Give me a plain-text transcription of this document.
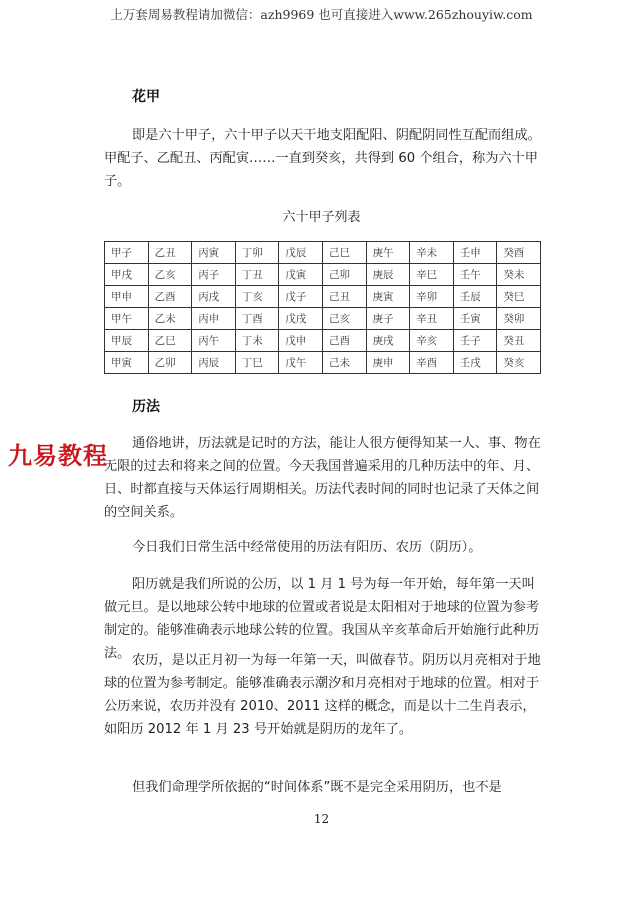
上万套周易教程请加微信：azh9969 也可直接进入www.265zhouyiw.com
花甲

即是六十甲子，六十甲子以天干地支阳配阳、阴配阴同性互配而组成。甲配子、乙配丑、丙配寅……一直到癸亥，共得到 60 个组合，称为六十甲子。

六十甲子列表
甲子	乙丑	丙寅	丁卯	戊辰	己巳	庚午	辛未	壬申	癸酉
甲戌	乙亥	丙子	丁丑	戊寅	己卯	庚辰	辛巳	壬午	癸未
甲申	乙酉	丙戌	丁亥	戊子	己丑	庚寅	辛卯	壬辰	癸巳
甲午	乙未	丙申	丁酉	戊戌	己亥	庚子	辛丑	壬寅	癸卯
甲辰	乙巳	丙午	丁未	戊申	己酉	庚戌	辛亥	壬子	癸丑
甲寅	乙卯	丙辰	丁巳	戊午	己未	庚申	辛酉	壬戌	癸亥
历法

通俗地讲，历法就是记时的方法，能让人很方便得知某一人、事、物在无限的过去和将来之间的位置。今天我国普遍采用的几种历法中的年、月、日、时都直接与天体运行周期相关。历法代表时间的同时也记录了天体之间的空间关系。

今日我们日常生活中经常使用的历法有阳历、农历（阴历）。

阳历就是我们所说的公历，以 1 月 1 号为每一年开始，每年第一天叫做元旦。是以地球公转中地球的位置或者说是太阳相对于地球的位置为参考制定的。能够准确表示地球公转的位置。我国从辛亥革命后开始施行此种历法。 农历，是以正月初一为每一年第一天，叫做春节。阴历以月亮相对于地球的位置为参考制定。能够准确表示潮汐和月亮相对于地球的位置。相对于公历来说，农历并没有 2010、2011 这样的概念，而是以十二生肖表示，如阳历 2012 年 1 月 23 号开始就是阴历的龙年了。

但我们命理学所依据的“时间体系”既不是完全采用阴历，也不是

九易教程
12
